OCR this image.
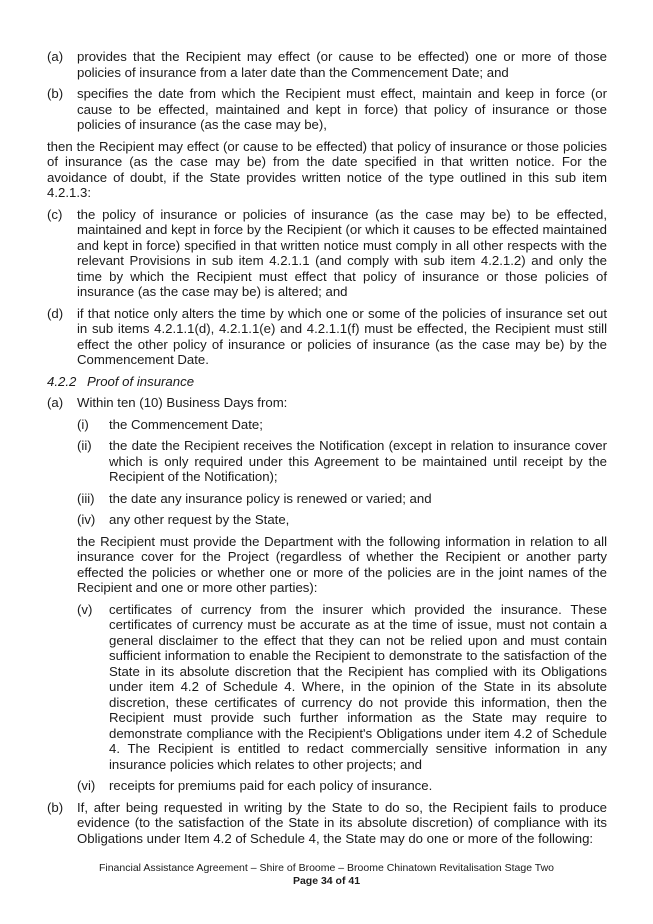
(a)	provides that the Recipient may effect (or cause to be effected) one or more of those policies of insurance from a later date than the Commencement Date; and
(b)	specifies the date from which the Recipient must effect, maintain and keep in force (or cause to be effected, maintained and kept in force) that policy of insurance or those policies of insurance (as the case may be),
then the Recipient may effect (or cause to be effected) that policy of insurance or those policies of insurance (as the case may be) from the date specified in that written notice. For the avoidance of doubt, if the State provides written notice of the type outlined in this sub item 4.2.1.3:
(c)	the policy of insurance or policies of insurance (as the case may be) to be effected, maintained and kept in force by the Recipient (or which it causes to be effected maintained and kept in force) specified in that written notice must comply in all other respects with the relevant Provisions in sub item 4.2.1.1 (and comply with sub item 4.2.1.2) and only the time by which the Recipient must effect that policy of insurance or those policies of insurance (as the case may be) is altered; and
(d)	if that notice only alters the time by which one or some of the policies of insurance set out in sub items 4.2.1.1(d), 4.2.1.1(e) and 4.2.1.1(f) must be effected, the Recipient must still effect the other policy of insurance or policies of insurance (as the case may be) by the Commencement Date.
4.2.2 Proof of insurance
(a)	Within ten (10) Business Days from:
(i)	the Commencement Date;
(ii)	the date the Recipient receives the Notification (except in relation to insurance cover which is only required under this Agreement to be maintained until receipt by the Recipient of the Notification);
(iii)	the date any insurance policy is renewed or varied; and
(iv)	any other request by the State,
the Recipient must provide the Department with the following information in relation to all insurance cover for the Project (regardless of whether the Recipient or another party effected the policies or whether one or more of the policies are in the joint names of the Recipient and one or more other parties):
(v)	certificates of currency from the insurer which provided the insurance. These certificates of currency must be accurate as at the time of issue, must not contain a general disclaimer to the effect that they can not be relied upon and must contain sufficient information to enable the Recipient to demonstrate to the satisfaction of the State in its absolute discretion that the Recipient has complied with its Obligations under item 4.2 of Schedule 4. Where, in the opinion of the State in its absolute discretion, these certificates of currency do not provide this information, then the Recipient must provide such further information as the State may require to demonstrate compliance with the Recipient's Obligations under item 4.2 of Schedule 4. The Recipient is entitled to redact commercially sensitive information in any insurance policies which relates to other projects; and
(vi)	receipts for premiums paid for each policy of insurance.
(b)	If, after being requested in writing by the State to do so, the Recipient fails to produce evidence (to the satisfaction of the State in its absolute discretion) of compliance with its Obligations under Item 4.2 of Schedule 4, the State may do one or more of the following:
Financial Assistance Agreement – Shire of Broome – Broome Chinatown Revitalisation Stage Two
Page 34 of 41
